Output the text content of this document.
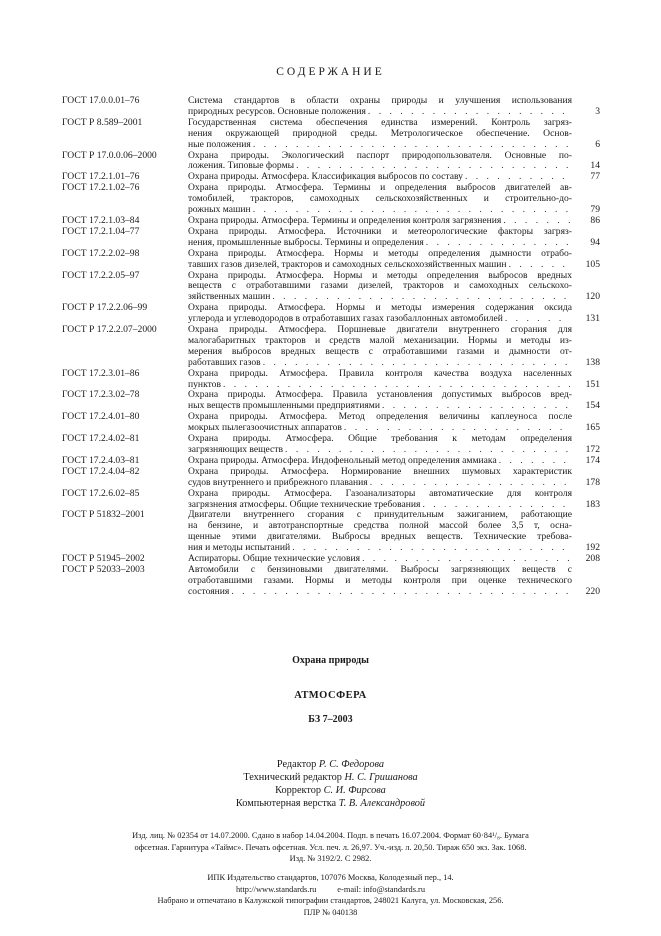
СОДЕРЖАНИЕ
ГОСТ 17.0.0.01–76	Система стандартов в области охраны природы и улучшения использования
природных ресурсов. Основные положения . . .	3
ГОСТ Р 8.589–2001	Государственная система обеспечения единства измерений. Контроль загряз-
нения окружающей природной среды. Метрологическое обеспечение. Основ-
ные положения . . .	6
ГОСТ Р 17.0.0.06–2000	Охрана природы. Экологический паспорт природопользователя. Основные по-
ложения. Типовые формы . . .	14
ГОСТ 17.2.1.01–76	Охрана природы. Атмосфера. Классификация выбросов по составу . . .	77
ГОСТ 17.2.1.02–76	Охрана природы. Атмосфера. Термины и определения выбросов двигателей ав-
томобилей, тракторов, самоходных сельскохозяйственных и строительно-до-
рожных машин . . .	79
ГОСТ 17.2.1.03–84	Охрана природы. Атмосфера. Термины и определения контроля загрязнения . . .	86
ГОСТ 17.2.1.04–77	Охрана природы. Атмосфера. Источники и метеорологические факторы загряз-
нения, промышленные выбросы. Термины и определения . . .	94
ГОСТ 17.2.2.02–98	Охрана природы. Атмосфера. Нормы и методы определения дымности отрабо-
тавших газов дизелей, тракторов и самоходных сельскохозяйственных машин . . .	105
ГОСТ 17.2.2.05–97	Охрана природы. Атмосфера. Нормы и методы определения выбросов вредных
веществ с отработавшими газами дизелей, тракторов и самоходных сельскохо-
зяйственных машин . . .	120
ГОСТ Р 17.2.2.06–99	Охрана природы. Атмосфера. Нормы и методы измерения содержания оксида
углерода и углеводородов в отработавших газах газобаллонных автомобилей . . .	131
ГОСТ Р 17.2.2.07–2000	Охрана природы. Атмосфера. Поршневые двигатели внутреннего сгорания для
малогабаритных тракторов и средств малой механизации. Нормы и методы из-
мерения выбросов вредных веществ с отработавшими газами и дымности от-
работавших газов . . .	138
ГОСТ 17.2.3.01–86	Охрана природы. Атмосфера. Правила контроля качества воздуха населенных
пунктов . . .	151
ГОСТ 17.2.3.02–78	Охрана природы. Атмосфера. Правила установления допустимых выбросов вред-
ных веществ промышленными предприятиями . . .	154
ГОСТ 17.2.4.01–80	Охрана природы. Атмосфера. Метод определения величины каплеуноса после
мокрых пылегазоочистных аппаратов . . .	165
ГОСТ 17.2.4.02–81	Охрана природы. Атмосфера. Общие требования к методам определения
загрязняющих веществ . . .	172
ГОСТ 17.2.4.03–81	Охрана природы. Атмосфера. Индофенольный метод определения аммиака . . .	174
ГОСТ 17.2.4.04–82	Охрана природы. Атмосфера. Нормирование внешних шумовых характеристик
судов внутреннего и прибрежного плавания . . .	178
ГОСТ 17.2.6.02–85	Охрана природы. Атмосфера. Газоанализаторы автоматические для контроля
загрязнения атмосферы. Общие технические требования . . .	183
ГОСТ Р 51832–2001	Двигатели внутреннего сгорания с принудительным зажиганием, работающие
на бензине, и автотранспортные средства полной массой более 3,5 т, осна-
щенные этими двигателями. Выбросы вредных веществ. Технические требова-
ния и методы испытаний . . .	192
ГОСТ Р 51945–2002	Аспираторы. Общие технические условия . . .	208
ГОСТ Р 52033–2003	Автомобили с бензиновыми двигателями. Выбросы загрязняющих веществ с
отработавшими газами. Нормы и методы контроля при оценке технического
состояния . . .	220
Охрана природы
АТМОСФЕРА
БЗ 7–2003
Редактор Р. С. Федорова
Технический редактор Н. С. Гришанова
Корректор С. И. Фирсова
Компьютерная верстка Т. В. Александровой
Изд. лиц. № 02354 от 14.07.2000. Сдано в набор 14.04.2004. Подп. в печать 16.07.2004. Формат 60·84¹/₈. Бумага
офсетная. Гарнитура «Таймс». Печать офсетная. Усл. печ. л. 26,97. Уч.-изд. л. 20,50. Тираж 650 экз. Зак. 1068.
Изд. № 3192/2. С 2982.
ИПК Издательство стандартов, 107076 Москва, Колодезный пер., 14.
http://www.standards.ru          e-mail: info@standards.ru
Набрано и отпечатано в Калужской типографии стандартов, 248021 Калуга, ул. Московская, 256.
ПЛР № 040138
